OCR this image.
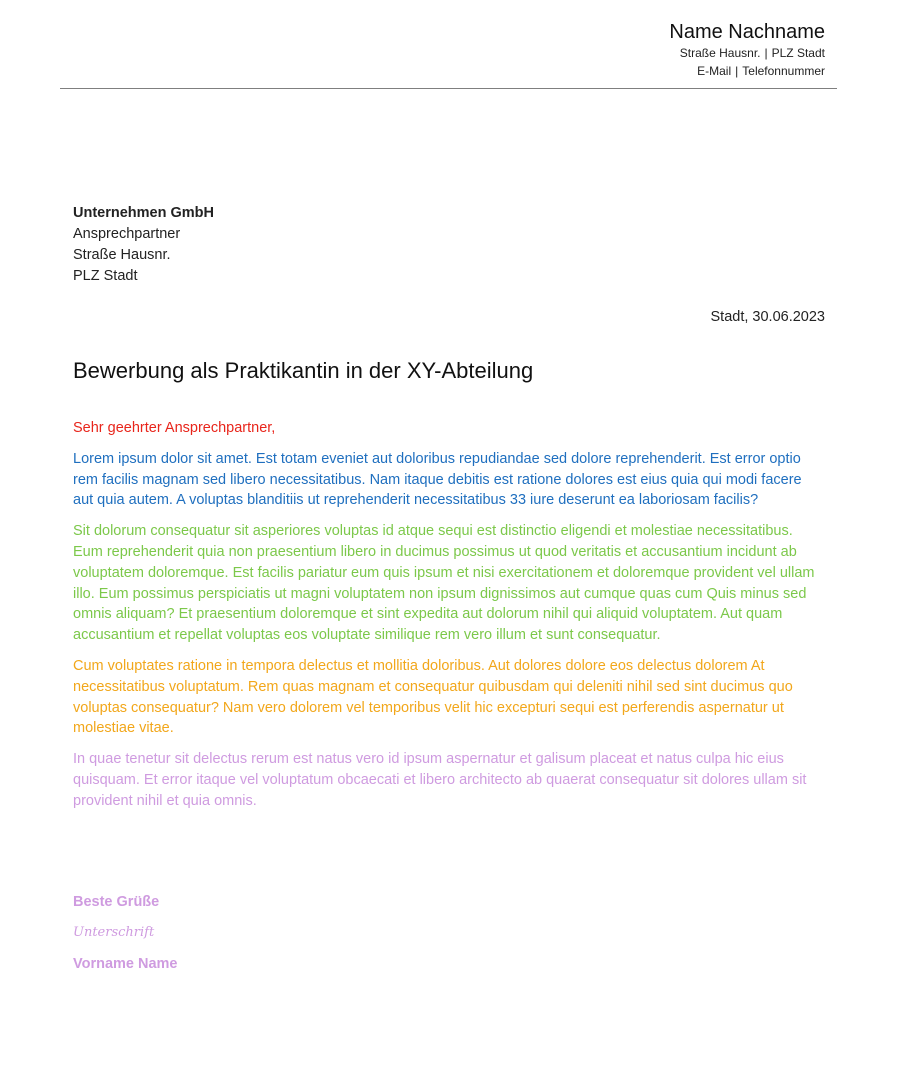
Name Nachname
Straße Hausnr. | PLZ Stadt
E-Mail | Telefonnummer
Unternehmen GmbH
Ansprechpartner
Straße Hausnr.
PLZ Stadt
Stadt, 30.06.2023
Bewerbung als Praktikantin in der XY-Abteilung

Sehr geehrter Ansprechpartner,

Lorem ipsum dolor sit amet. Est totam eveniet aut doloribus repudiandae sed dolore reprehenderit. Est error optio rem facilis magnam sed libero necessitatibus. Nam itaque debitis est ratione dolores est eius quia qui modi facere aut quia autem. A voluptas blanditiis ut reprehenderit necessitatibus 33 iure deserunt ea laboriosam facilis?

Sit dolorum consequatur sit asperiores voluptas id atque sequi est distinctio eligendi et molestiae necessitatibus. Eum reprehenderit quia non praesentium libero in ducimus possimus ut quod veritatis et accusantium incidunt ab voluptatem doloremque. Est facilis pariatur eum quis ipsum et nisi exercitationem et doloremque provident vel ullam illo. Eum possimus perspiciatis ut magni voluptatem non ipsum dignissimos aut cumque quas cum Quis minus sed omnis aliquam? Et praesentium doloremque et sint expedita aut dolorum nihil qui aliquid voluptatem. Aut quam accusantium et repellat voluptas eos voluptate similique rem vero illum et sunt consequatur.

Cum voluptates ratione in tempora delectus et mollitia doloribus. Aut dolores dolore eos delectus dolorem At necessitatibus voluptatum. Rem quas magnam et consequatur quibusdam qui deleniti nihil sed sint ducimus quo voluptas consequatur? Nam vero dolorem vel temporibus velit hic excepturi sequi est perferendis aspernatur ut molestiae vitae.

In quae tenetur sit delectus rerum est natus vero id ipsum aspernatur et galisum placeat et natus culpa hic eius quisquam. Et error itaque vel voluptatum obcaecati et libero architecto ab quaerat consequatur sit dolores ullam sit provident nihil et quia omnis.

Beste Grüße
Unterschrift
Vorname Name
